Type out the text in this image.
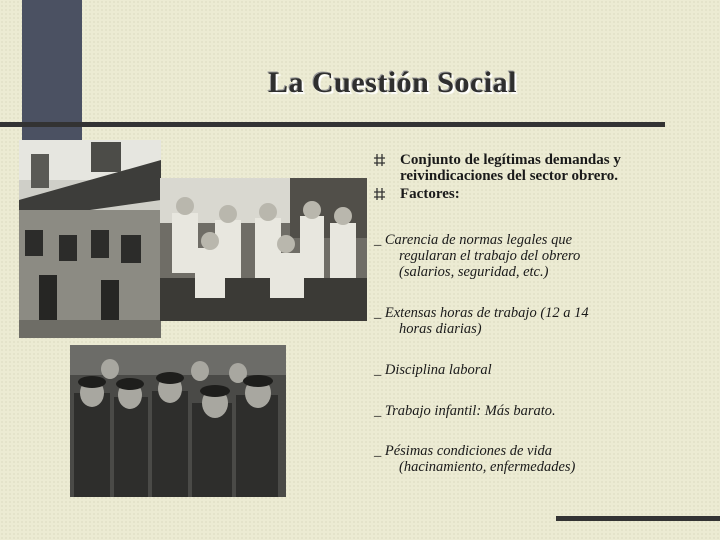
La Cuestión Social
Conjunto de legítimas demandas y reivindicaciones del sector obrero.
Factores:
_ Carencia de normas legales que
regularan el trabajo del obrero
(salarios, seguridad, etc.)
_ Extensas horas de trabajo (12 a 14
horas diarias)
_ Disciplina laboral
_ Trabajo infantil: Más barato.
_ Pésimas condiciones de vida
(hacinamiento, enfermedades)
